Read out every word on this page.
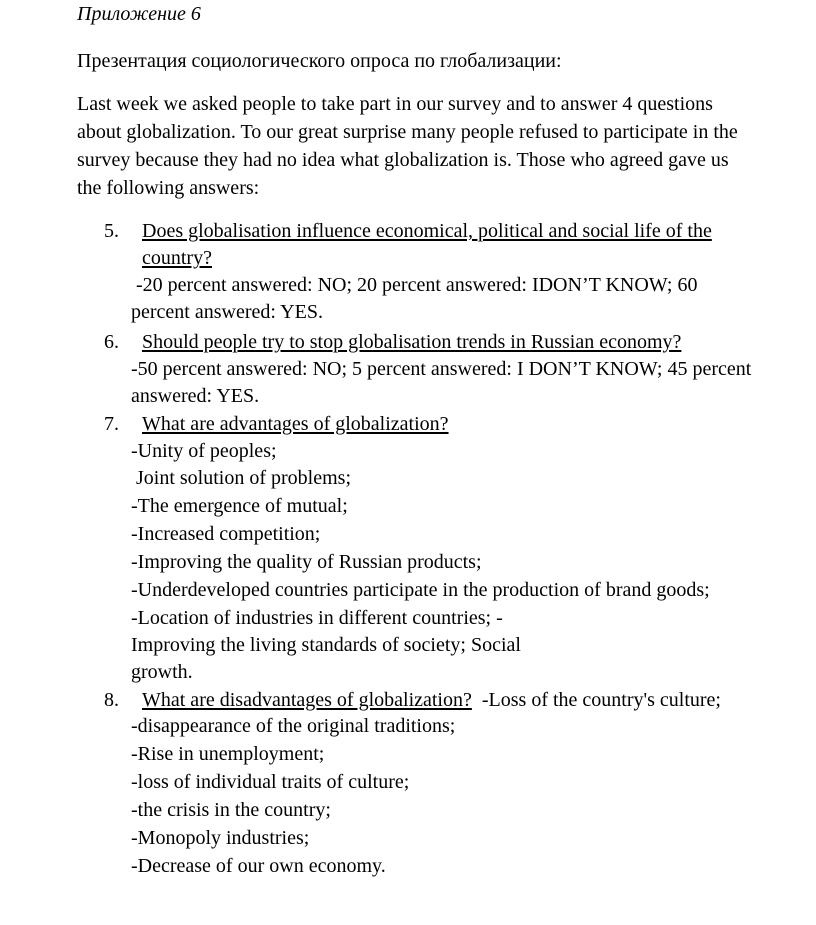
Приложение 6

Презентация социологического опроса по глобализации:

Last week we asked people to take part in our survey and to answer 4 questions

about globalization. To our great surprise many people refused to participate in the

survey because they had no idea what globalization is. Those who agreed gave us

the following answers:

5. Does globalisation influence economical, political and social life of the

country?

-20 percent answered: NO; 20 percent answered: IDON’T KNOW; 60

percent answered: YES.

6. Should people try to stop globalisation trends in Russian economy?

-50 percent answered: NO; 5 percent answered: I DON’T KNOW; 45 percent

answered: YES.

7. What are advantages of globalization?

-Unity of peoples;

Joint solution of problems;

-The emergence of mutual;

-Increased competition;

-Improving the quality of Russian products;

-Underdeveloped countries participate in the production of brand goods;

-Location of industries in different countries; -

Improving the living standards of society; Social

growth.

8. What are disadvantages of globalization? -Loss of the country's culture;

-disappearance of the original traditions;

-Rise in unemployment;

-loss of individual traits of culture;

-the crisis in the country;

-Monopoly industries;

-Decrease of our own economy.
